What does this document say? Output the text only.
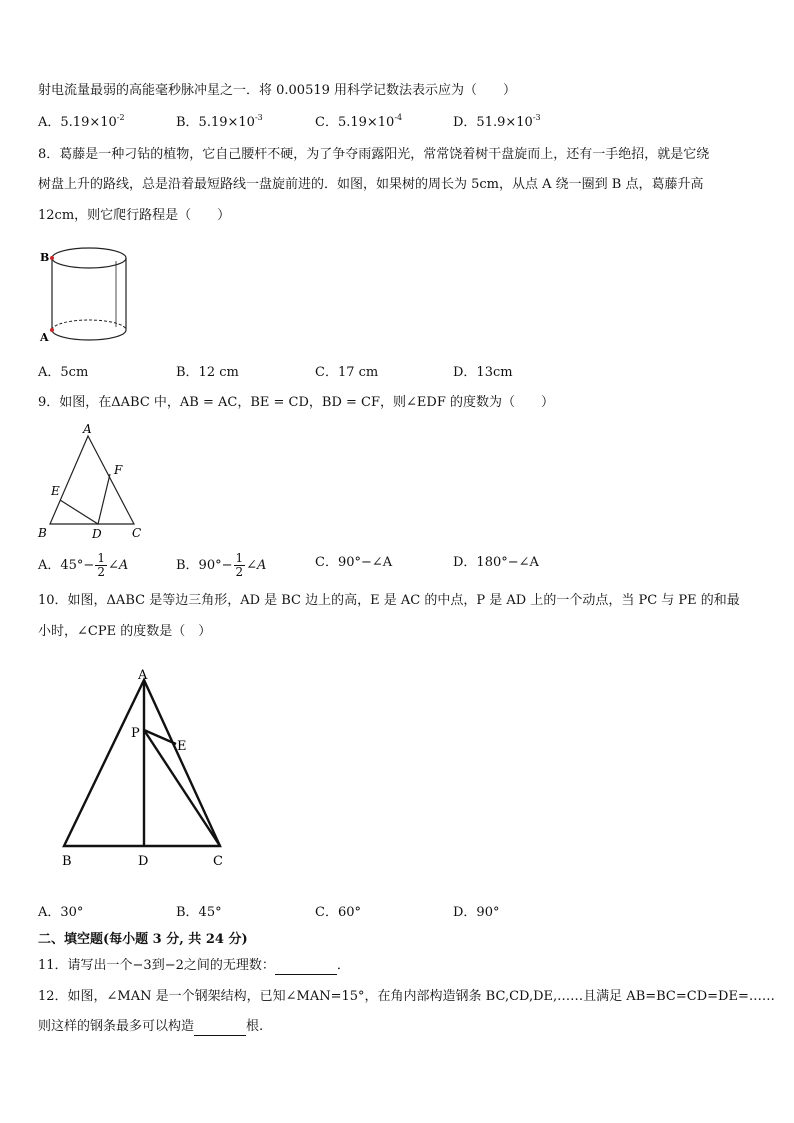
射电流量最弱的高能毫秒脉冲星之一．将 0.00519 用科学记数法表示应为（　　）
A．$5.19\times 10^{-2}$	B．$5.19\times 10^{-3}$	C．$5.19\times 10^{-4}$	D．$51.9\times 10^{-3}$
8．葛藤是一种刁钻的植物，它自己腰杆不硬，为了争夺雨露阳光，常常饶着树干盘旋而上，还有一手绝招，就是它绕
树盘上升的路线，总是沿着最短路线一盘旋前进的．如图，如果树的周长为 5cm，从点 A 绕一圈到 B 点，葛藤升高
12cm，则它爬行路程是（　　）
B
A
A．5cm	B．12 cm	C．17 cm	D．13cm
9．如图，在ΔABC 中，AB = AC，BE = CD，BD = CF，则∠EDF 的度数为（　　）
A
B	C
D
E
F
A．$45^\circ- \frac{1}{2}$ ∠A	B．$90^\circ- \frac{1}{2}$ ∠A	C．90°−∠A	D．180°−∠A
10．如图，ΔABC 是等边三角形，AD 是 BC 边上的高，E 是 AC 的中点，P 是 AD 上的一个动点，当 PC 与 PE 的和最
小时，∠CPE 的度数是（　）
A
P
E
B	D	C
A．30°	B．45°	C．60°	D．90°
二、填空题(每小题 3 分, 共 24 分)
11．请写出一个−3到−2之间的无理数：	．
12．如图，∠MAN 是一个钢架结构，已知∠MAN=15°，在角内部构造钢条 BC,CD,DE,……且满足 AB=BC=CD=DE=……
则这样的钢条最多可以构造	根.
